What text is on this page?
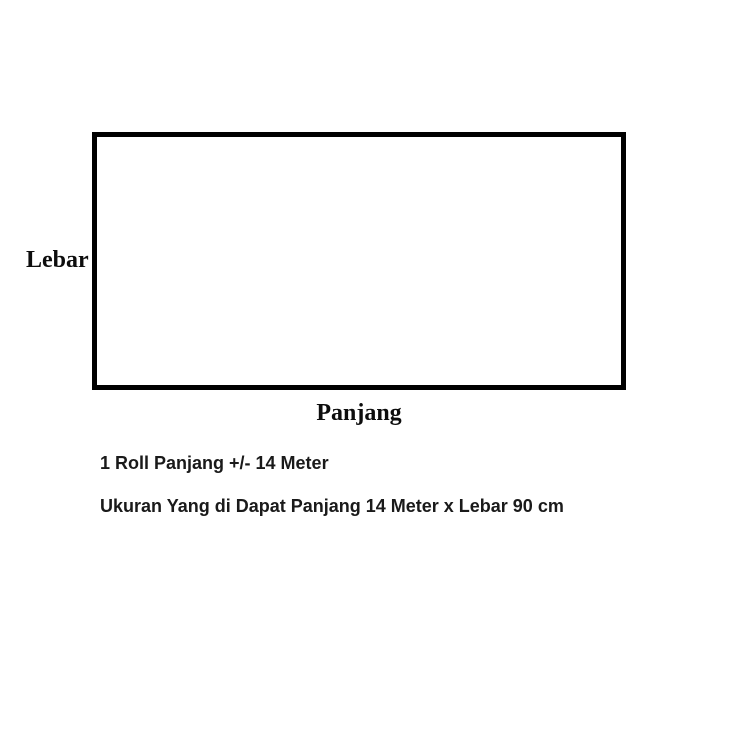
Lebar
Panjang
1 Roll Panjang +/- 14 Meter
Ukuran Yang di Dapat Panjang 14 Meter x Lebar 90 cm
